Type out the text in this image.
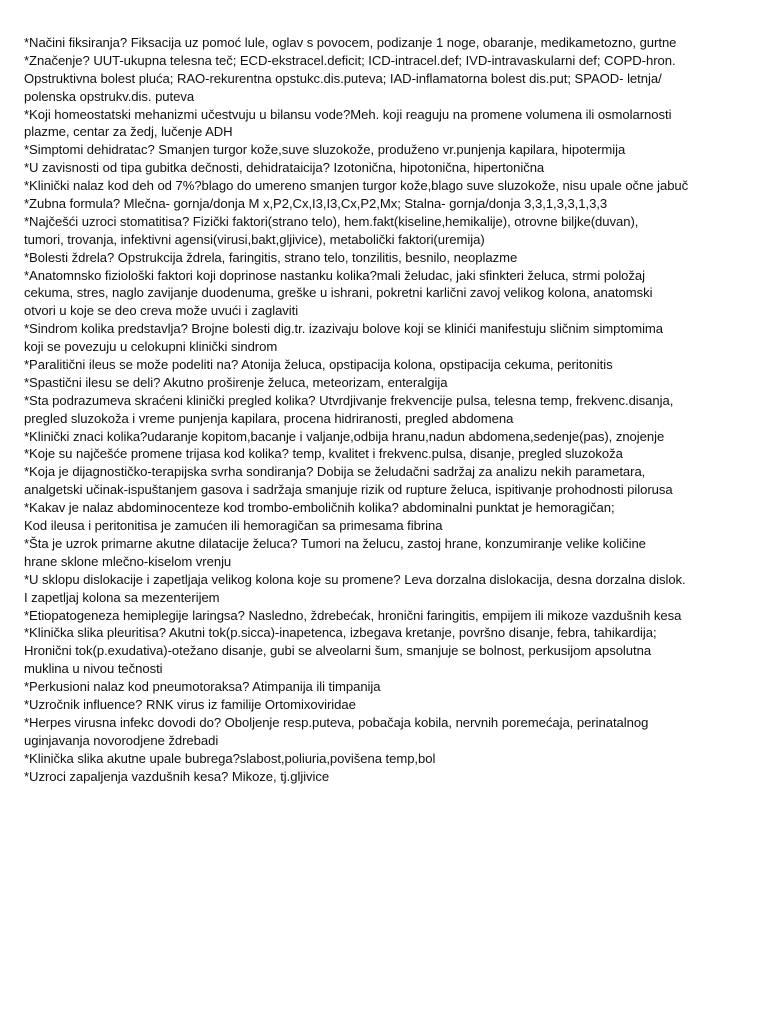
*Načini fiksiranja? Fiksacija uz pomoć lule, oglav s povocem, podizanje 1 noge, obaranje, medikametozno, gurtne
*Značenje? UUT-ukupna telesna teč; ECD-ekstracel.deficit; ICD-intracel.def; IVD-intravaskularni def; COPD-hron.
Opstruktivna bolest pluća; RAO-rekurentna opstukc.dis.puteva; IAD-inflamatorna bolest dis.put; SPAOD- letnja/
polenska opstrukv.dis. puteva
*Koji homeostatski mehanizmi učestvuju u bilansu vode?Meh. koji reaguju na promene volumena ili osmolarnosti
plazme, centar za žedj, lučenje ADH
*Simptomi dehidratac? Smanjen turgor kože,suve sluzokože, produženo vr.punjenja kapilara, hipotermija
*U zavisnosti od tipa gubitka dečnosti, dehidrataicija? Izotonična, hipotonična, hipertonična
*Klinički nalaz kod deh od 7%?blago do umereno smanjen turgor kože,blago suve sluzokože, nisu upale očne jabuč
*Zubna formula? Mlečna- gornja/donja M x,P2,Cx,I3,I3,Cx,P2,Mx; Stalna- gornja/donja 3,3,1,3,3,1,3,3
*Najčešći uzroci stomatitisa? Fizički faktori(strano telo), hem.fakt(kiseline,hemikalije), otrovne biljke(duvan),
tumori, trovanja, infektivni agensi(virusi,bakt,gljivice), metabolički faktori(uremija)
*Bolesti ždrela? Opstrukcija ždrela, faringitis, strano telo, tonzilitis, besnilo, neoplazme
*Anatomnsko fiziološki faktori koji doprinose nastanku kolika?mali želudac, jaki sfinkteri želuca, strmi položaj
cekuma, stres, naglo zavijanje duodenuma, greške u ishrani, pokretni karlični zavoj velikog kolona, anatomski
otvori u koje se deo creva može uvući i zaglaviti
*Sindrom kolika predstavlja? Brojne bolesti dig.tr. izazivaju bolove koji se klinići manifestuju sličnim simptomima
koji se povezuju u celokupni klinički sindrom
*Paralitični ileus se može podeliti na? Atonija želuca, opstipacija kolona, opstipacija cekuma, peritonitis
*Spastični ilesu se deli? Akutno proširenje želuca, meteorizam, enteralgija
*Sta podrazumeva skraćeni klinički pregled kolika? Utvrdjivanje frekvencije pulsa, telesna temp, frekvenc.disanja,
pregled sluzokoža i vreme punjenja kapilara, procena hidriranosti, pregled abdomena
*Klinički znaci kolika?udaranje kopitom,bacanje i valjanje,odbija hranu,nadun abdomena,sedenje(pas), znojenje
*Koje su najčešće promene trijasa kod kolika? temp, kvalitet i frekvenc.pulsa, disanje, pregled sluzokoža
*Koja je dijagnostičko-terapijska svrha sondiranja? Dobija se želudačni sadržaj za analizu nekih parametara,
analgetski učinak-ispuštanjem gasova i sadržaja smanjuje rizik od rupture želuca, ispitivanje prohodnosti pilorusa
*Kakav je nalaz abdominocenteze kod trombo-emboličnih kolika? abdominalni punktat je hemoragičan;
Kod ileusa i peritonitisa je zamućen ili hemoragičan sa primesama fibrina
*Šta je uzrok primarne akutne dilatacije želuca? Tumori na želucu, zastoj hrane, konzumiranje velike količine
hrane sklone mlečno-kiselom vrenju
*U sklopu dislokacije i zapetljaja velikog kolona koje su promene? Leva dorzalna dislokacija, desna dorzalna dislok.
I zapetljaj kolona sa mezenterijem
*Etiopatogeneza hemiplegije laringsa? Nasledno, ždrebećak, hronični faringitis, empijem ili mikoze vazdušnih kesa
*Klinička slika pleuritisa? Akutni tok(p.sicca)-inapetenca, izbegava kretanje, površno disanje, febra, tahikardija;
Hronični tok(p.exudativa)-otežano disanje, gubi se alveolarni šum, smanjuje se bolnost, perkusijom apsolutna
muklina u nivou tečnosti
*Perkusioni nalaz kod pneumotoraksa? Atimpanija ili timpanija
*Uzročnik influence? RNK virus iz familije Ortomixoviridae
*Herpes virusna infekc dovodi do? Oboljenje resp.puteva, pobačaja kobila, nervnih poremećaja, perinatalnog
uginjavanja novorodjene ždrebadi
*Klinička slika akutne upale bubrega?slabost,poliuria,povišena temp,bol
*Uzroci zapaljenja vazdušnih kesa? Mikoze, tj.gljivice
